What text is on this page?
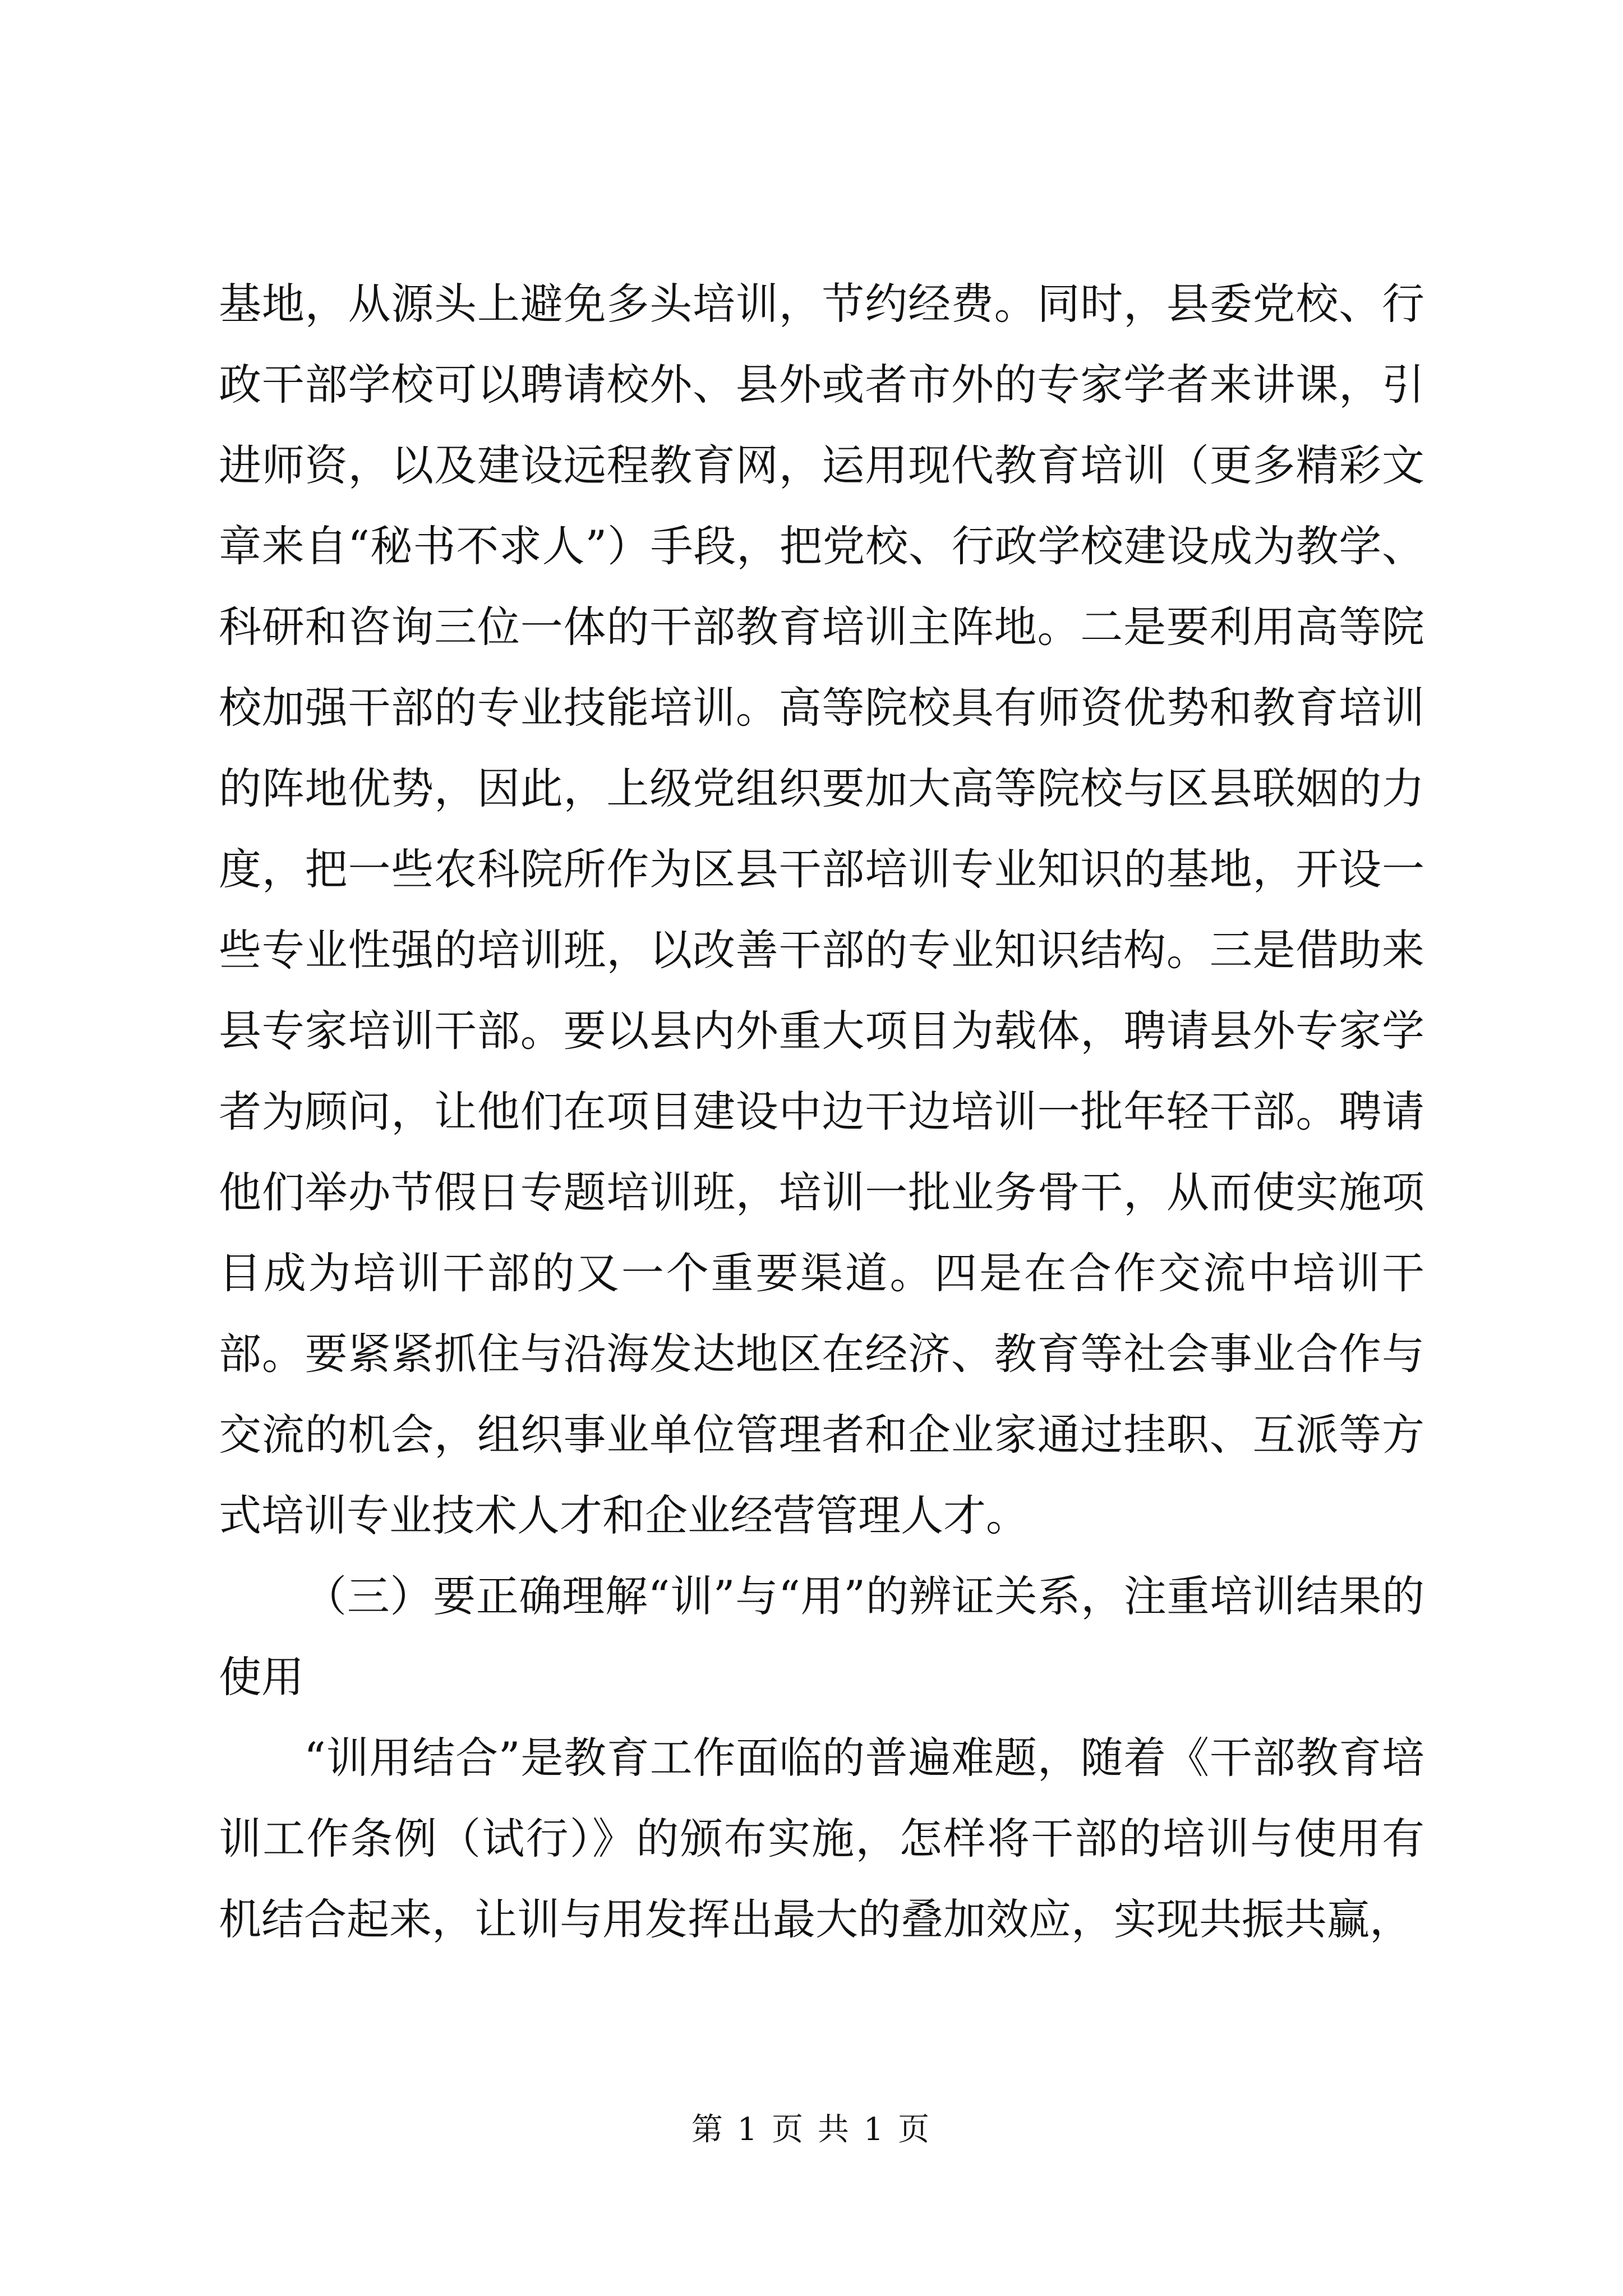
基地，从源头上避免多头培训，节约经费。同时，县委党校、行政干部学校可以聘请校外、县外或者市外的专家学者来讲课，引进师资，以及建设远程教育网，运用现代教育培训（更多精彩文章来自“秘书不求人”）手段，把党校、行政学校建设成为教学、科研和咨询三位一体的干部教育培训主阵地。二是要利用高等院校加强干部的专业技能培训。高等院校具有师资优势和教育培训的阵地优势，因此，上级党组织要加大高等院校与区县联姻的力度，把一些农科院所作为区县干部培训专业知识的基地，开设一些专业性强的培训班，以改善干部的专业知识结构。三是借助来县专家培训干部。要以县内外重大项目为载体，聘请县外专家学者为顾问，让他们在项目建设中边干边培训一批年轻干部。聘请他们举办节假日专题培训班，培训一批业务骨干，从而使实施项目成为培训干部的又一个重要渠道。四是在合作交流中培训干部。要紧紧抓住与沿海发达地区在经济、教育等社会事业合作与交流的机会，组织事业单位管理者和企业家通过挂职、互派等方式培训专业技术人才和企业经营管理人才。

（三）要正确理解“训”与“用”的辨证关系，注重培训结果的使用

“训用结合”是教育工作面临的普遍难题，随着《干部教育培训工作条例（试行）》的颁布实施，怎样将干部的培训与使用有机结合起来，让训与用发挥出最大的叠加效应，实现共振共赢，

第 1 页 共 1 页
